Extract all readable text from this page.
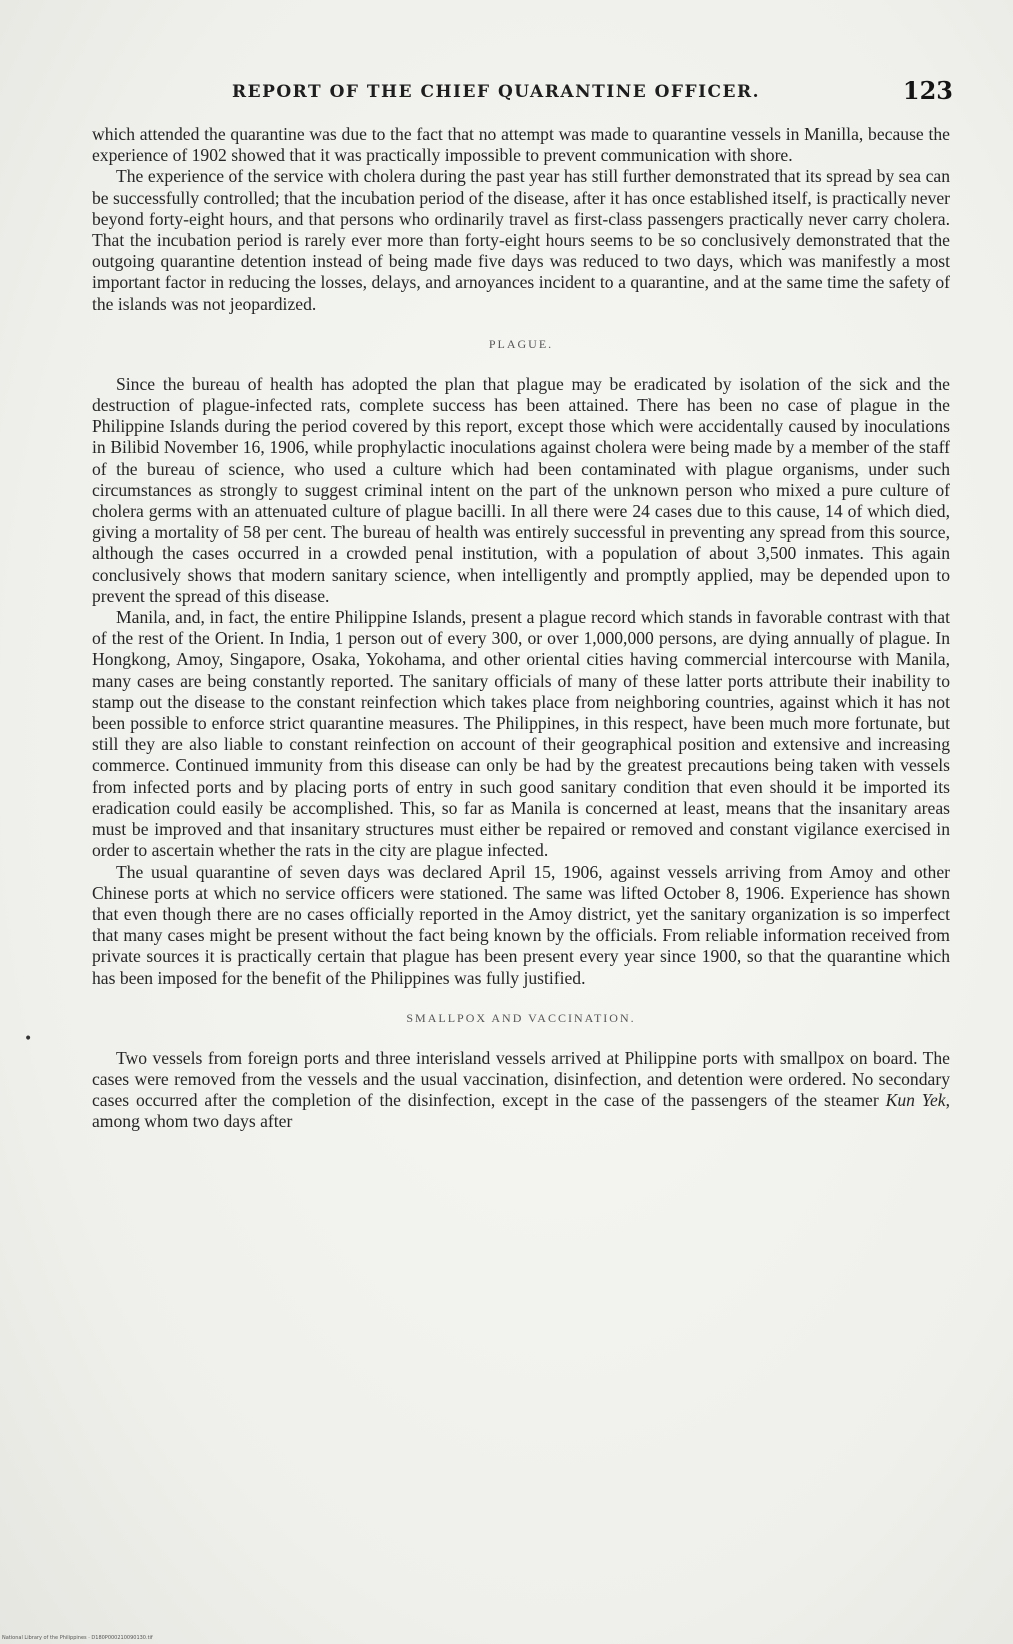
REPORT OF THE CHIEF QUARANTINE OFFICER.	123

which attended the quarantine was due to the fact that no attempt was made to quarantine vessels in Manilla, because the experience of 1902 showed that it was practically impossible to prevent communication with shore.

The experience of the service with cholera during the past year has still further demonstrated that its spread by sea can be successfully controlled; that the incubation period of the disease, after it has once established itself, is practically never beyond forty-eight hours, and that persons who ordinarily travel as first-class passengers practically never carry cholera. That the incubation period is rarely ever more than forty-eight hours seems to be so conclusively demonstrated that the outgoing quarantine detention instead of being made five days was reduced to two days, which was manifestly a most important factor in reducing the losses, delays, and arnoyances incident to a quarantine, and at the same time the safety of the islands was not jeopardized.

PLAGUE.

Since the bureau of health has adopted the plan that plague may be eradicated by isolation of the sick and the destruction of plague-infected rats, complete success has been attained. There has been no case of plague in the Philippine Islands during the period covered by this report, except those which were accidentally caused by inoculations in Bilibid November 16, 1906, while prophylactic inoculations against cholera were being made by a member of the staff of the bureau of science, who used a culture which had been contaminated with plague organisms, under such circumstances as strongly to suggest criminal intent on the part of the unknown person who mixed a pure culture of cholera germs with an attenuated culture of plague bacilli. In all there were 24 cases due to this cause, 14 of which died, giving a mortality of 58 per cent. The bureau of health was entirely successful in preventing any spread from this source, although the cases occurred in a crowded penal institution, with a population of about 3,500 inmates. This again conclusively shows that modern sanitary science, when intelligently and promptly applied, may be depended upon to prevent the spread of this disease.

Manila, and, in fact, the entire Philippine Islands, present a plague record which stands in favorable contrast with that of the rest of the Orient. In India, 1 person out of every 300, or over 1,000,000 persons, are dying annually of plague. In Hongkong, Amoy, Singapore, Osaka, Yokohama, and other oriental cities having commercial intercourse with Manila, many cases are being constantly reported. The sanitary officials of many of these latter ports attribute their inability to stamp out the disease to the constant reinfection which takes place from neighboring countries, against which it has not been possible to enforce strict quarantine measures. The Philippines, in this respect, have been much more fortunate, but still they are also liable to constant reinfection on account of their geographical position and extensive and increasing commerce. Continued immunity from this disease can only be had by the greatest precautions being taken with vessels from infected ports and by placing ports of entry in such good sanitary condition that even should it be imported its eradication could easily be accomplished. This, so far as Manila is concerned at least, means that the insanitary areas must be improved and that insanitary structures must either be repaired or removed and constant vigilance exercised in order to ascertain whether the rats in the city are plague infected.

The usual quarantine of seven days was declared April 15, 1906, against vessels arriving from Amoy and other Chinese ports at which no service officers were stationed. The same was lifted October 8, 1906. Experience has shown that even though there are no cases officially reported in the Amoy district, yet the sanitary organization is so imperfect that many cases might be present without the fact being known by the officials. From reliable information received from private sources it is practically certain that plague has been present every year since 1900, so that the quarantine which has been imposed for the benefit of the Philippines was fully justified.

SMALLPOX AND VACCINATION.

Two vessels from foreign ports and three interisland vessels arrived at Philippine ports with smallpox on board. The cases were removed from the vessels and the usual vaccination, disinfection, and detention were ordered. No secondary cases occurred after the completion of the disinfection, except in the case of the passengers of the steamer Kun Yek, among whom two days after

•
National Library of the Philippines · D180P000210090130.tif
